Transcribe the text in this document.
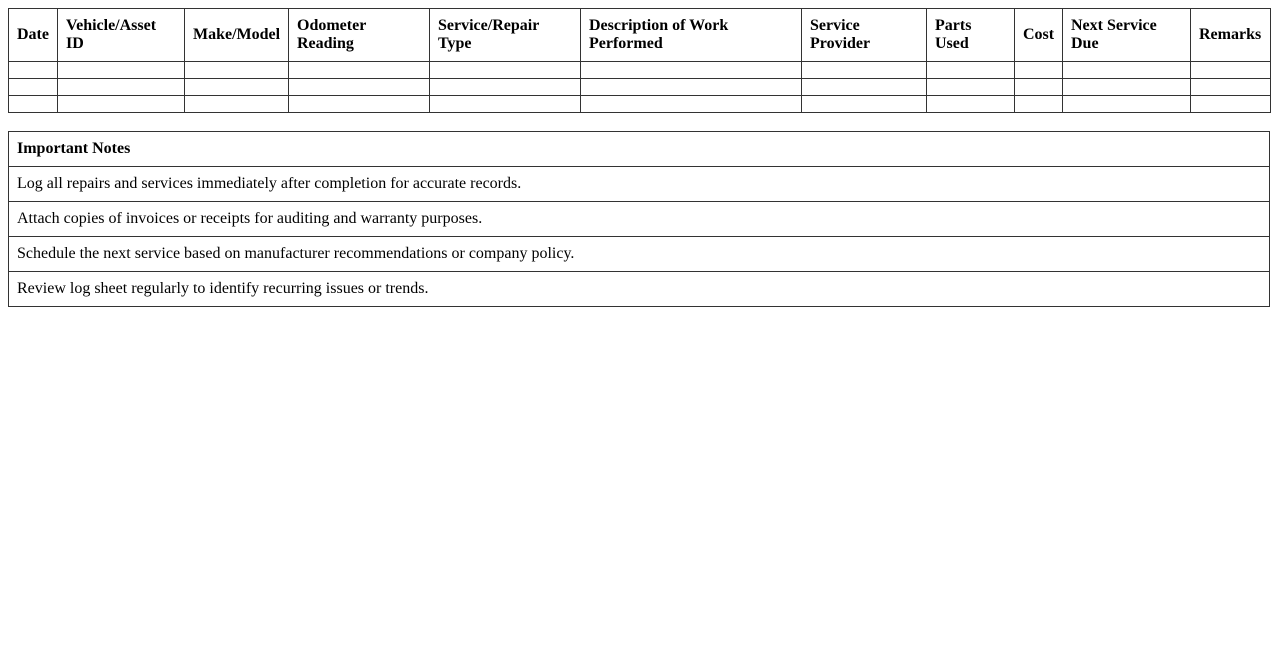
Date	Vehicle/Asset ID	Make/Model	Odometer Reading	Service/Repair Type	Description of Work Performed	Service Provider	Parts Used	Cost	Next Service Due	Remarks

Important Notes
Log all repairs and services immediately after completion for accurate records.
Attach copies of invoices or receipts for auditing and warranty purposes.
Schedule the next service based on manufacturer recommendations or company policy.
Review log sheet regularly to identify recurring issues or trends.
